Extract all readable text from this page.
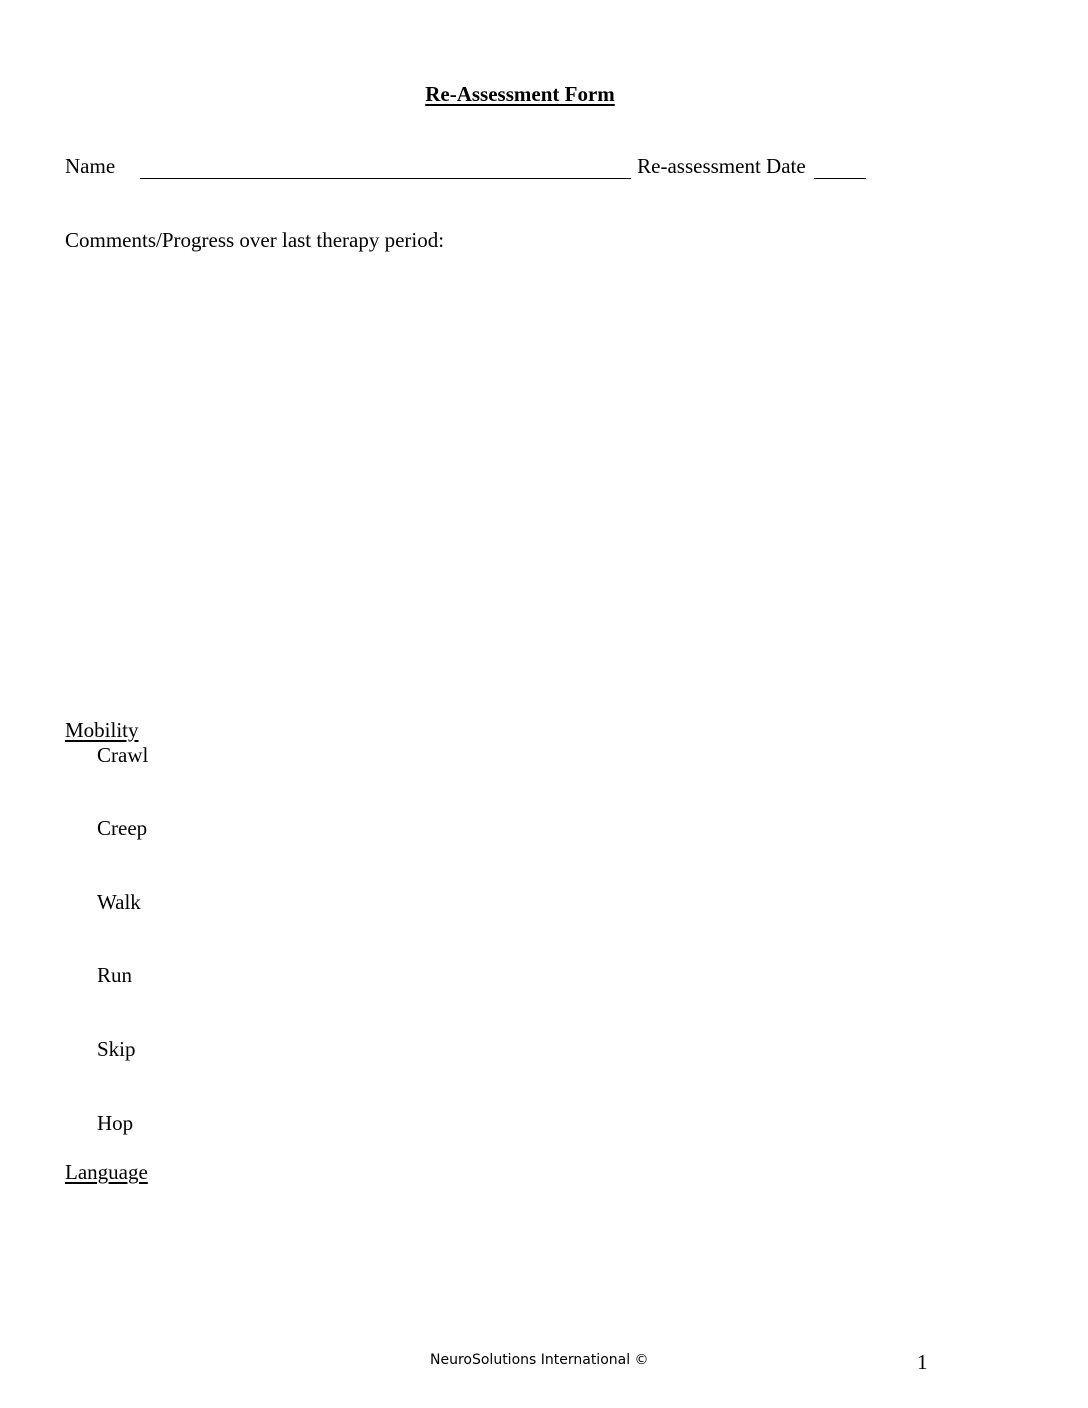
Re-Assessment Form
Name	Re-assessment Date
Comments/Progress over last therapy period:
Mobility
Crawl
Creep
Walk
Run
Skip
Hop
Language
NeuroSolutions International ©	1
